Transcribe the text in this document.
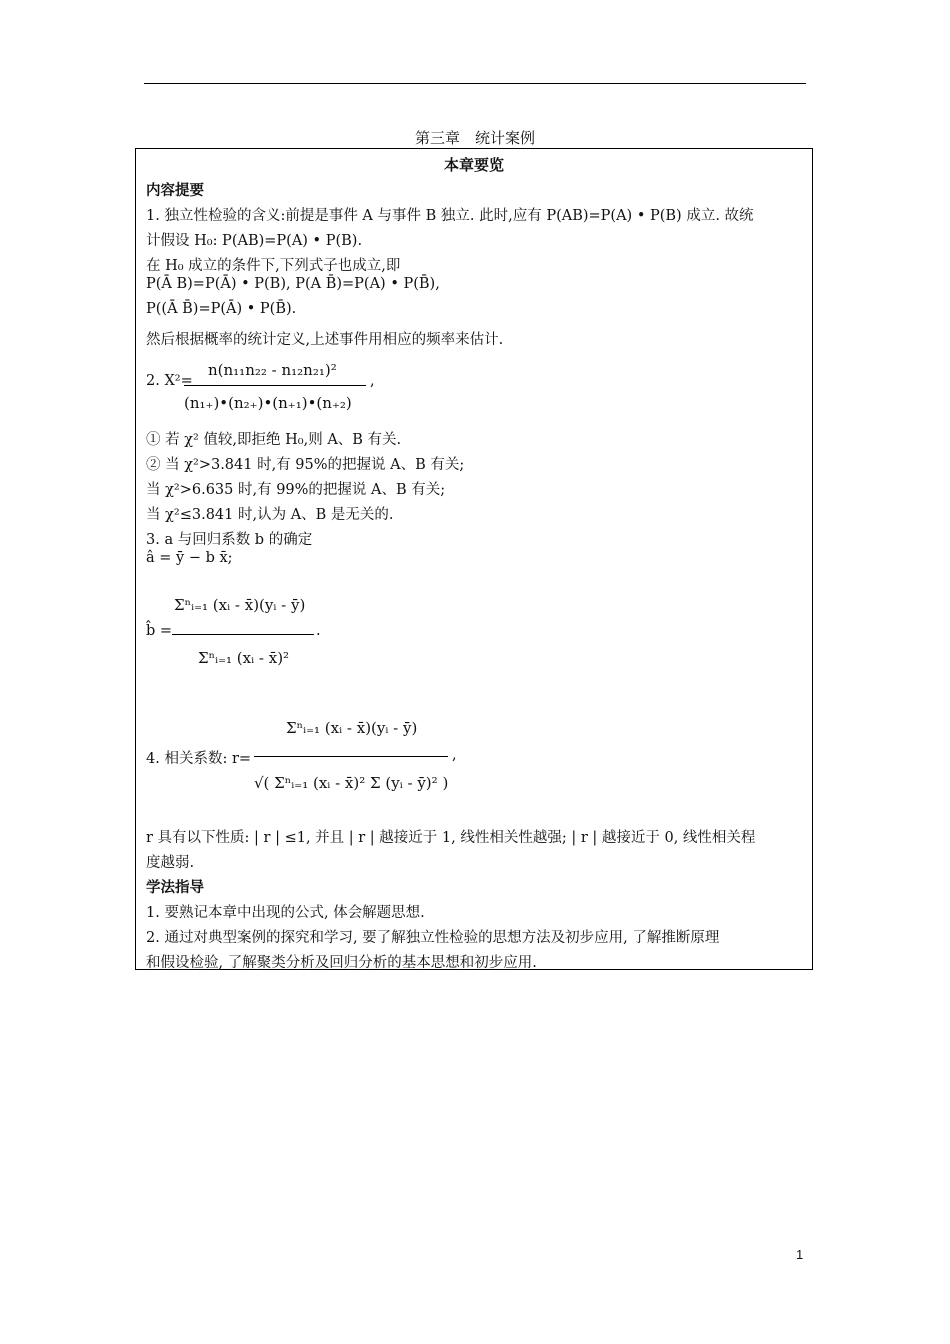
第三章　统计案例
本章要览
内容提要
1. 独立性检验的含义:前提是事件 A 与事件 B 独立. 此时,应有 P(AB)=P(A) • P(B) 成立. 故统
计假设 H₀: P(AB)=P(A) • P(B).
在 H₀ 成立的条件下,下列式子也成立,即
P(Ā B)=P(Ā) • P(B), P(A B̄)=P(A) • P(B̄),
P((Ā B̄)=P(Ā) • P(B̄).
然后根据概率的统计定义,上述事件用相应的频率来估计.
2. X²=
n(n₁₁n₂₂ - n₁₂n₂₁)²
(n₁₊)•(n₂₊)•(n₊₁)•(n₊₂)
,
① 若 χ² 值较,即拒绝 H₀,则 A、B 有关.
② 当 χ²>3.841 时,有 95%的把握说 A、B 有关;
当 χ²>6.635 时,有 99%的把握说 A、B 有关;
当 χ²≤3.841 时,认为 A、B 是无关的.
3. a 与回归系数 b 的确定
â = ȳ − b x̄;
b̂ =
Σⁿᵢ₌₁ (xᵢ - x̄)(yᵢ - ȳ)
Σⁿᵢ₌₁ (xᵢ - x̄)²
.
4. 相关系数: r=
Σⁿᵢ₌₁ (xᵢ - x̄)(yᵢ - ȳ)
√( Σⁿᵢ₌₁ (xᵢ - x̄)² Σ (yᵢ - ȳ)² )
,
r 具有以下性质: | r | ≤1, 并且 | r | 越接近于 1, 线性相关性越强; | r | 越接近于 0, 线性相关程
度越弱.
学法指导
1. 要熟记本章中出现的公式, 体会解题思想.
2. 通过对典型案例的探究和学习, 要了解独立性检验的思想方法及初步应用, 了解推断原理
和假设检验, 了解聚类分析及回归分析的基本思想和初步应用.
1
